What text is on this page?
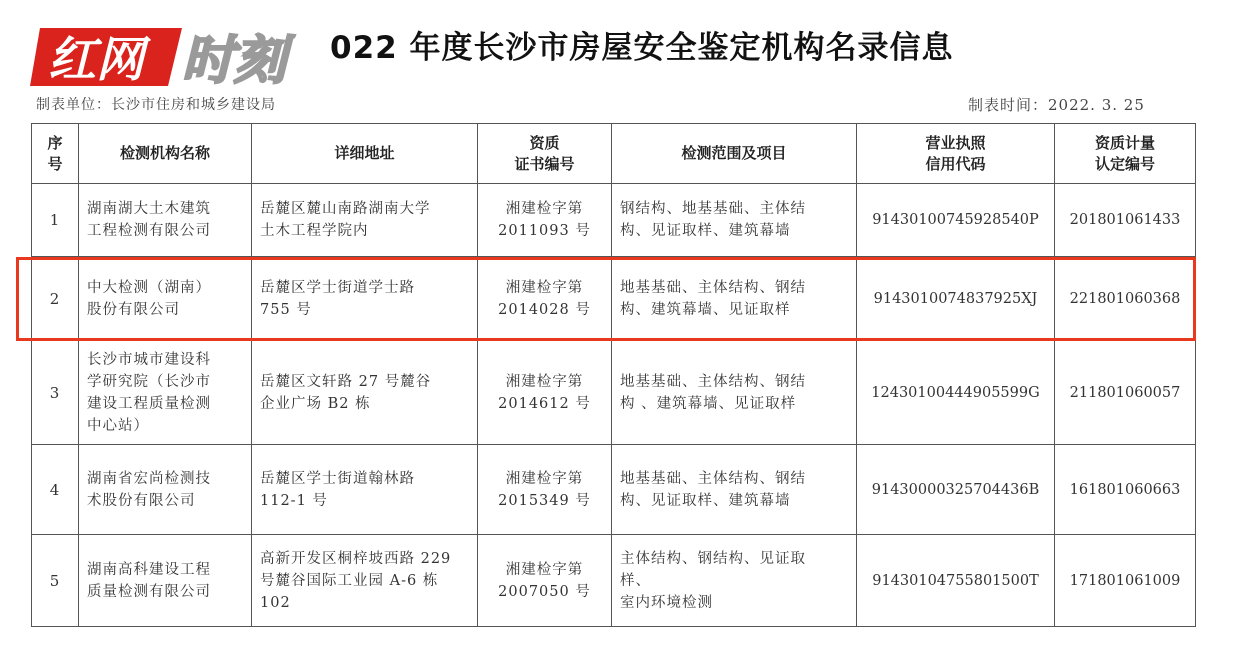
红网 时刻 022 年度长沙市房屋安全鉴定机构名录信息
制表单位：长沙市住房和城乡建设局	制表时间：2022. 3. 25
序
号	检测机构名称	详细地址	资质
证书编号	检测范围及项目	营业执照
信用代码	资质计量
认定编号
1	湖南湖大土木建筑
工程检测有限公司	岳麓区麓山南路湖南大学
土木工程学院内	湘建检字第
2011093 号	钢结构、地基基础、主体结
构、见证取样、建筑幕墙	91430100745928540P	201801061433
2	中大检测（湖南）
股份有限公司	岳麓区学士街道学士路
755 号	湘建检字第
2014028 号	地基基础、主体结构、钢结
构、建筑幕墙、见证取样	9143010074837925XJ	221801060368
3	长沙市城市建设科
学研究院（长沙市
建设工程质量检测
中心站）	岳麓区文轩路 27 号麓谷
企业广场 B2 栋	湘建检字第
2014612 号	地基基础、主体结构、钢结
构 、建筑幕墙、见证取样	12430100444905599G	211801060057
4	湖南省宏尚检测技
术股份有限公司	岳麓区学士街道翰林路
112-1 号	湘建检字第
2015349 号	地基基础、主体结构、钢结
构、见证取样、建筑幕墙	91430000325704436B	161801060663
5	湖南高科建设工程
质量检测有限公司	高新开发区桐梓坡西路 229
号麓谷国际工业园 A-6 栋
102	湘建检字第
2007050 号	主体结构、钢结构、见证取
样、
室内环境检测	91430104755801500T	171801061009
